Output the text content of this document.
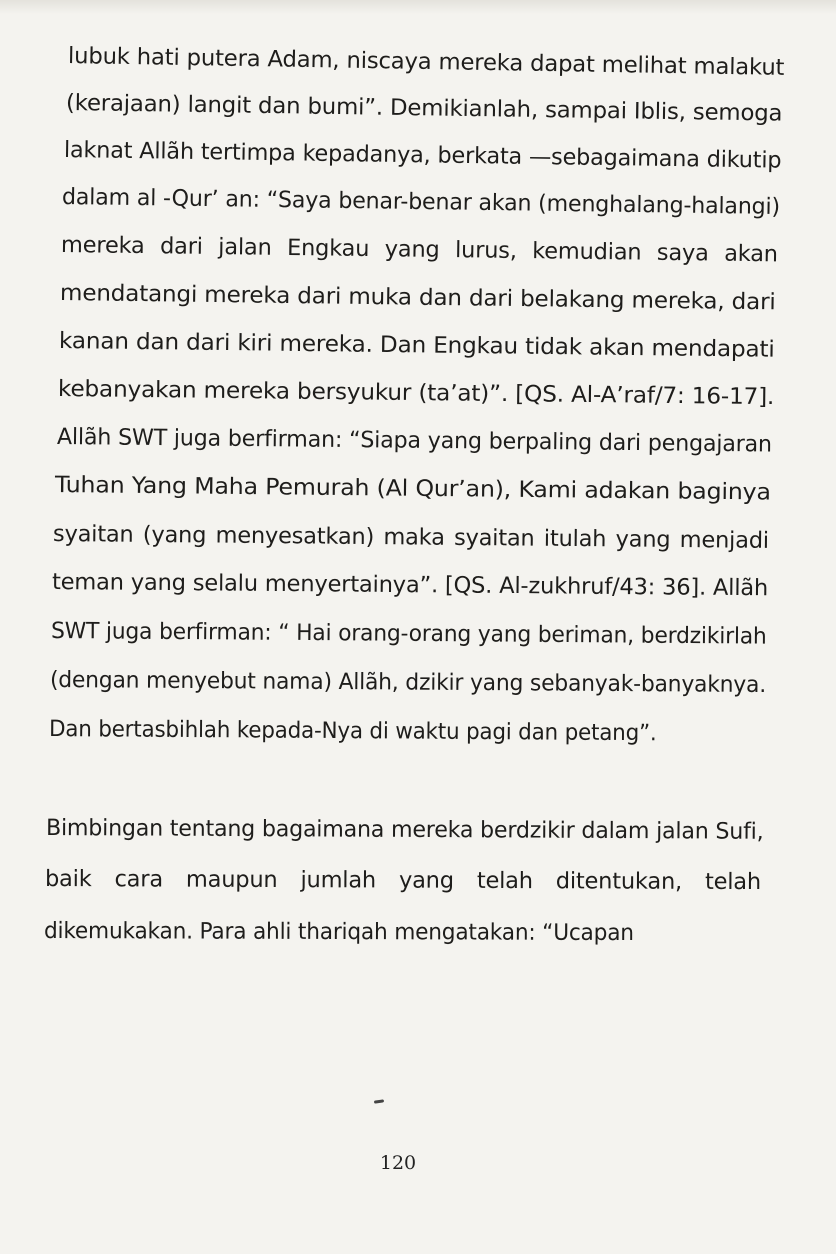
lubuk hati putera Adam, niscaya mereka dapat melihat malakut
(kerajaan) langit dan bumi”. Demikianlah, sampai Iblis, semoga
laknat Allãh tertimpa kepadanya, berkata —sebagaimana dikutip
dalam al -Qur’ an: “Saya benar-benar akan (menghalang-halangi)
mereka dari jalan Engkau yang lurus, kemudian saya akan
mendatangi mereka dari muka dan dari belakang mereka, dari
kanan dan dari kiri mereka. Dan Engkau tidak akan mendapati
kebanyakan mereka bersyukur (ta’at)”. [QS. Al-A’raf/7: 16-17].
Allãh SWT juga berfirman: “Siapa yang berpaling dari pengajaran
Tuhan Yang Maha Pemurah (Al Qur’an), Kami adakan baginya
syaitan (yang menyesatkan) maka syaitan itulah yang menjadi
teman yang selalu menyertainya”. [QS. Al-zukhruf/43: 36]. Allãh
SWT juga berfirman: “ Hai orang-orang yang beriman, berdzikirlah
(dengan menyebut nama) Allãh, dzikir yang sebanyak-banyaknya.
Dan bertasbihlah kepada-Nya di waktu pagi dan petang”.
Bimbingan tentang bagaimana mereka berdzikir dalam jalan Sufi,
baik cara maupun jumlah yang telah ditentukan, telah
dikemukakan. Para ahli thariqah mengatakan: “Ucapan
120
